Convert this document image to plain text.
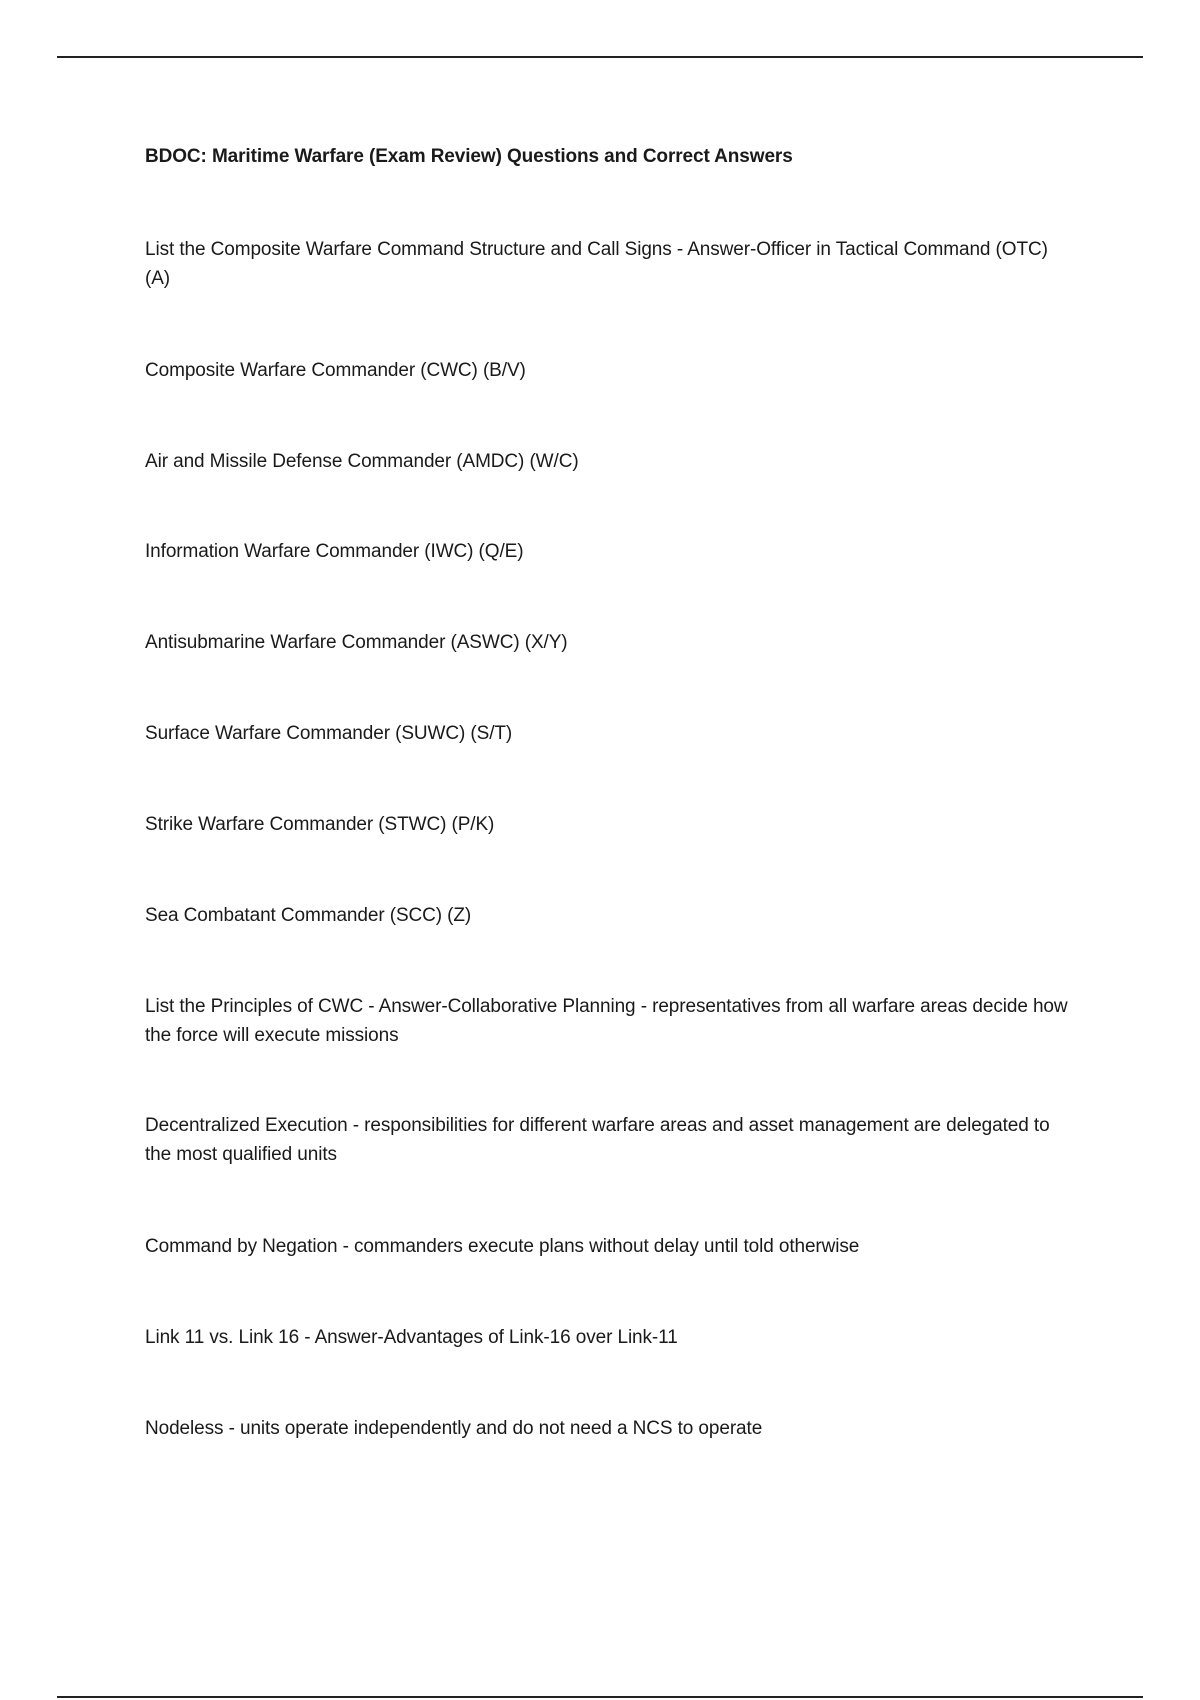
BDOC: Maritime Warfare (Exam Review) Questions and Correct Answers
List the Composite Warfare Command Structure and Call Signs - Answer-Officer in Tactical Command (OTC) (A)
Composite Warfare Commander (CWC) (B/V)
Air and Missile Defense Commander (AMDC) (W/C)
Information Warfare Commander (IWC) (Q/E)
Antisubmarine Warfare Commander (ASWC) (X/Y)
Surface Warfare Commander (SUWC) (S/T)
Strike Warfare Commander (STWC) (P/K)
Sea Combatant Commander (SCC) (Z)
List the Principles of CWC - Answer-Collaborative Planning - representatives from all warfare areas decide how the force will execute missions
Decentralized Execution - responsibilities for different warfare areas and asset management are delegated to the most qualified units
Command by Negation - commanders execute plans without delay until told otherwise
Link 11 vs. Link 16 - Answer-Advantages of Link-16 over Link-11
Nodeless - units operate independently and do not need a NCS to operate
